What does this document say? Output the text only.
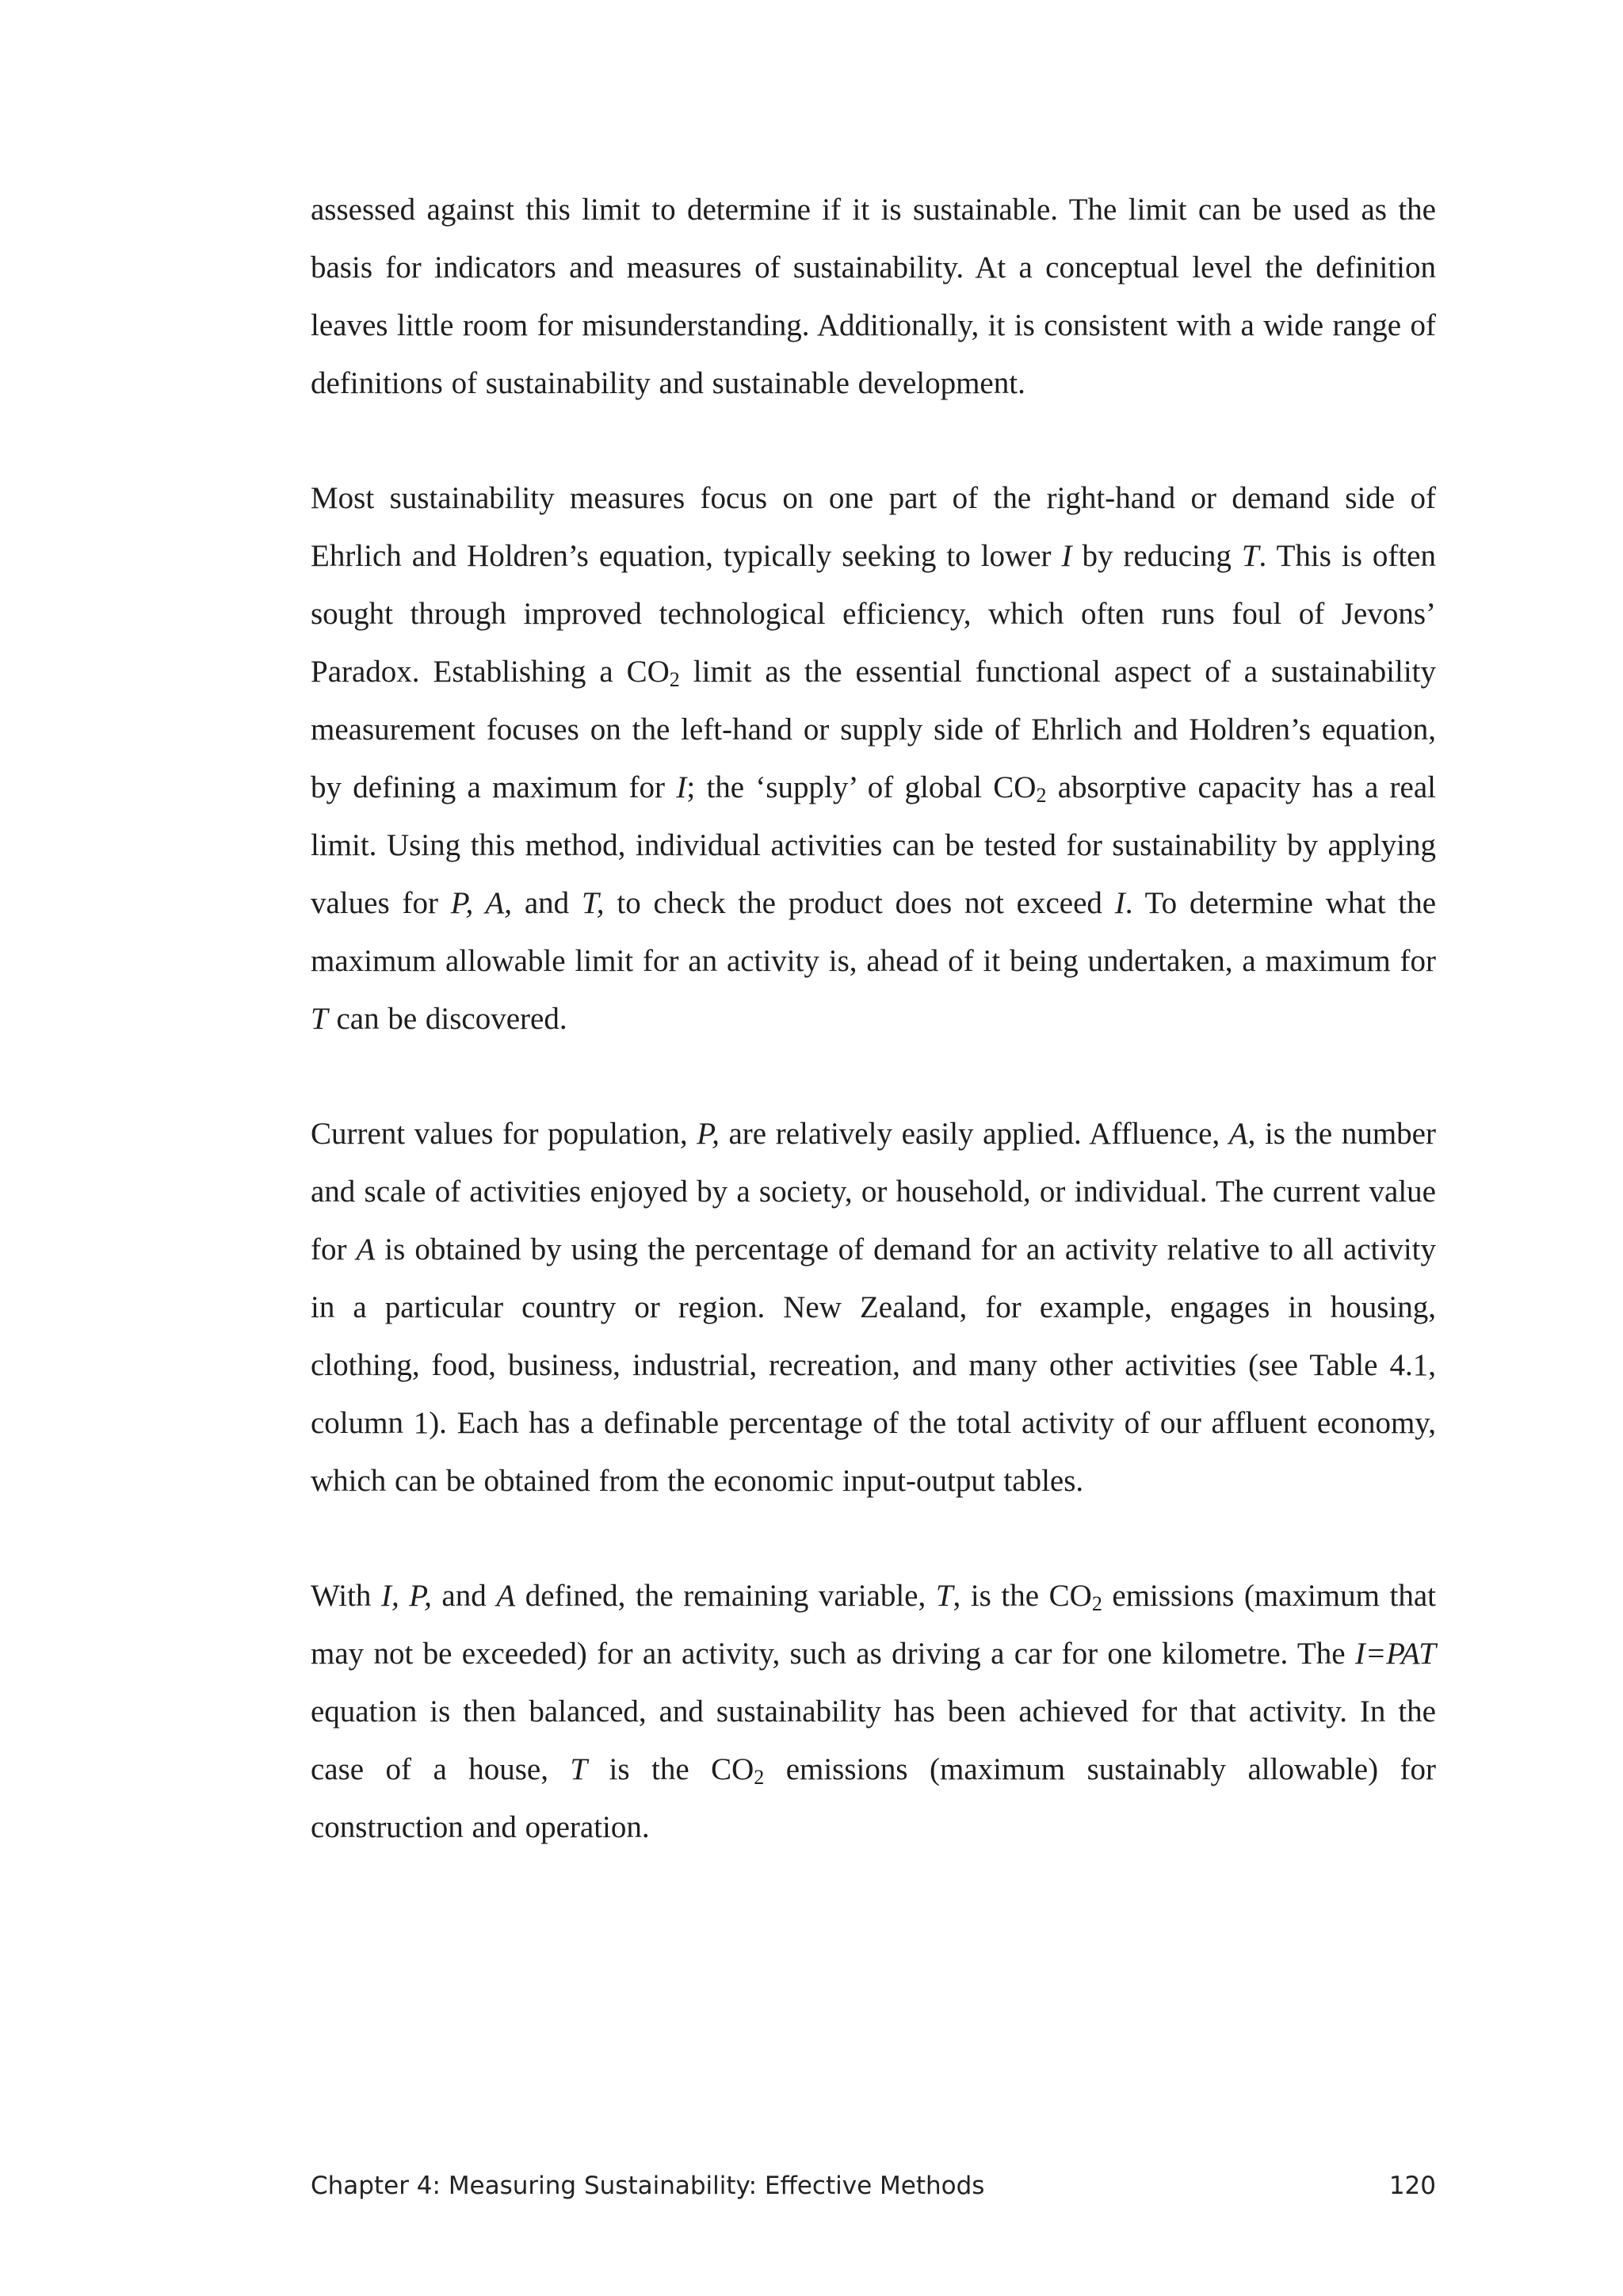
assessed against this limit to determine if it is sustainable. The limit can be used as the basis for indicators and measures of sustainability. At a conceptual level the definition leaves little room for misunderstanding. Additionally, it is consistent with a wide range of definitions of sustainability and sustainable development.

Most sustainability measures focus on one part of the right-hand or demand side of Ehrlich and Holdren’s equation, typically seeking to lower I by reducing T. This is often sought through improved technological efficiency, which often runs foul of Jevons’ Paradox. Establishing a $CO_2$ limit as the essential functional aspect of a sustainability measurement focuses on the left-hand or supply side of Ehrlich and Holdren’s equation, by defining a maximum for I; the ‘supply’ of global $CO_2$ absorptive capacity has a real limit. Using this method, individual activities can be tested for sustainability by applying values for P, A, and T, to check the product does not exceed I. To determine what the maximum allowable limit for an activity is, ahead of it being undertaken, a maximum for T can be discovered.

Current values for population, P, are relatively easily applied. Affluence, A, is the number and scale of activities enjoyed by a society, or household, or individual. The current value for A is obtained by using the percentage of demand for an activity relative to all activity in a particular country or region. New Zealand, for example, engages in housing, clothing, food, business, industrial, recreation, and many other activities (see Table 4.1, column 1). Each has a definable percentage of the total activity of our affluent economy, which can be obtained from the economic input-output tables.

With I, P, and A defined, the remaining variable, T, is the $CO_2$ emissions (maximum that may not be exceeded) for an activity, such as driving a car for one kilometre. The I=PAT equation is then balanced, and sustainability has been achieved for that activity. In the case of a house, T is the $CO_2$ emissions (maximum sustainably allowable) for construction and operation.

Chapter 4: Measuring Sustainability: Effective Methods	120
